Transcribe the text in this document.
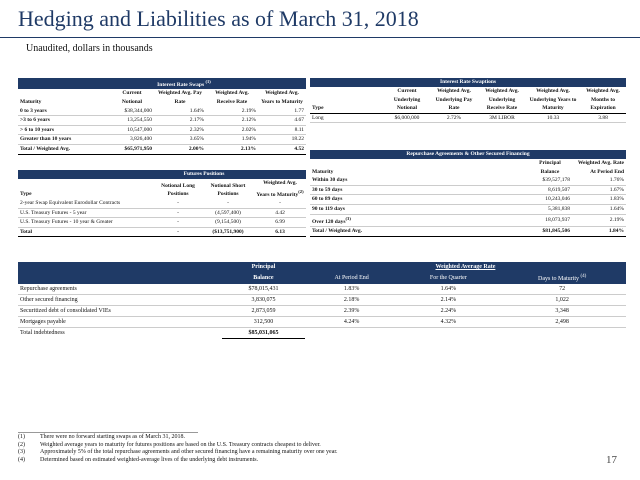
Hedging and Liabilities as of March 31, 2018
Unaudited, dollars in thousands
	Interest Rate Swaps $^{(1)}$	
Maturity	Current Notional	Weighted Avg. Pay Rate	Weighted Avg. Receive Rate	Weighted Avg. Years to Maturity
0 to 3 years	$38,344,000	1.64%	2.19%	1.77
>3 to 6 years	13,254,550	2.17%	2.12%	4.67
> 6 to 10 years	10,547,000	2.32%	2.02%	8.11
Greater than 10 years	3,826,400	3.65%	1.94%	18.22
Total / Weighted Avg.	$65,971,950	2.00%	2.13%	4.52
Interest Rate Swaptions					
Type	Current Underlying Notional	Weighted Avg. Underlying Pay Rate	Weighted Avg. Underlying Receive Rate	Weighted Avg. Underlying Years to Maturity	Weighted Avg. Months to Expiration
Long	$6,000,000	2.72%	3M LIBOR	10.33	3.88
	Futures Positions		
Type	Notional Long Positions	Notional Short Positions	Weighted Avg. Years to Maturity$^{(2)}$
2-year Swap Equivalent Eurodollar Contracts	-	-	-
U.S. Treasury Futures - 5 year	-	(4,597,400)	4.42
U.S. Treasury Futures - 10 year & Greater	-	(9,154,500)	6.99
Total	-	($13,751,900)	6.13
Repurchase Agreements & Other Secured Financing		
Maturity	Principal Balance	Weighted Avg. Rate At Period End
Within 30 days	$39,527,178	1.76%
30 to 59 days	8,619,507	1.67%
60 to 89 days	10,243,046	1.83%
90 to 119 days	5,381,838	1.64%
Over 120 days$^{(3)}$	18,073,937	2.19%
Total / Weighted Avg.	$81,845,506	1.84%
	Principal	Weighted Average Rate		
	Balance	At Period End	For the Quarter	Days to Maturity $^{(4)}$
Repurchase agreements	$78,015,431	1.83%	1.64%	72
Other secured financing	3,830,075	2.18%	2.14%	1,022
Securitized debt of consolidated VIEs	2,873,059	2.39%	2.24%	3,348
Mortgages payable	312,500	4.24%	4.32%	2,498
Total indebtedness	$85,031,065			
(1)	There were no forward starting swaps as of March 31, 2018.
(2)	Weighted average years to maturity for futures positions are based on the U.S. Treasury contracts cheapest to deliver.
(3)	Approximately 5% of the total repurchase agreements and other secured financing have a remaining maturity over one year.
(4)	Determined based on estimated weighted-average lives of the underlying debt instruments.	17
